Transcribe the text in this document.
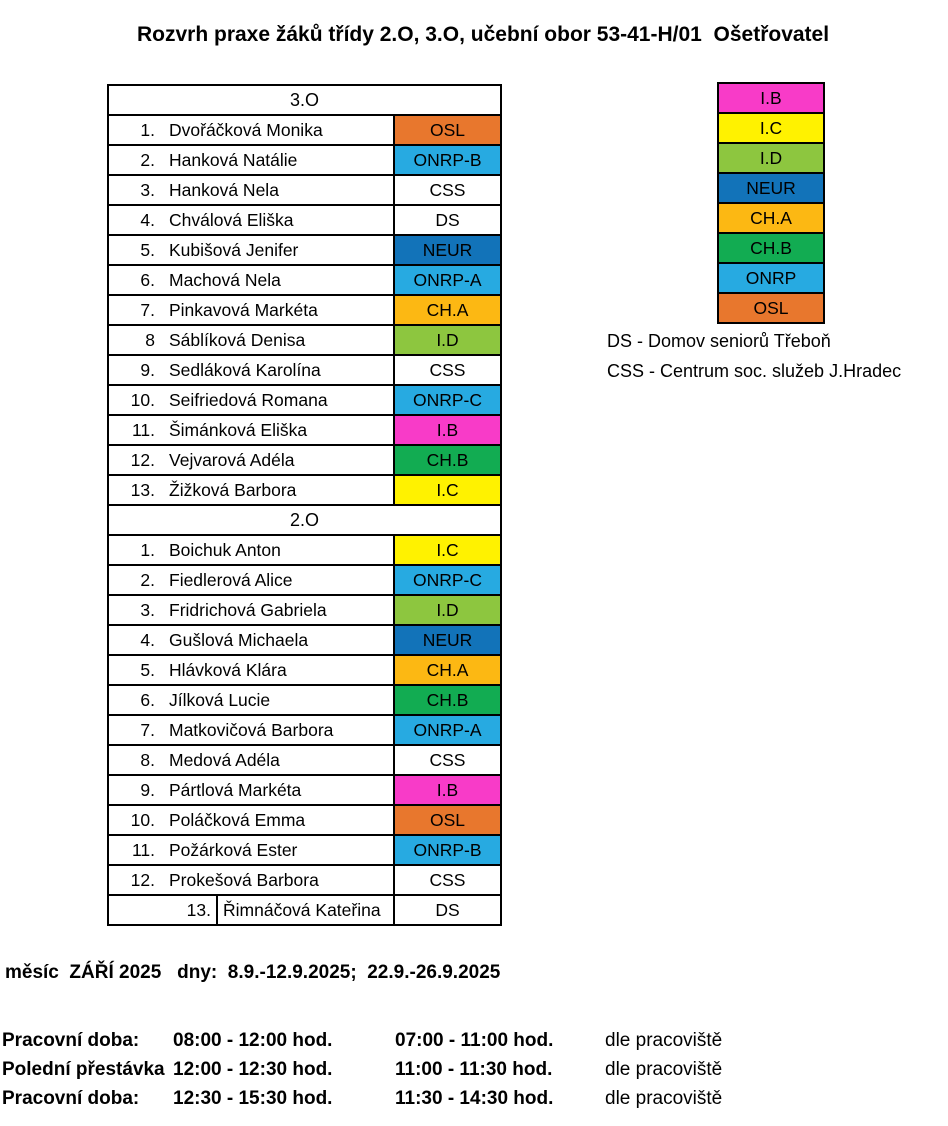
Rozvrh praxe žáků třídy 2.O, 3.O, učební obor 53-41-H/01  Ošetřovatel
3.O
1. Dvořáčková Monika	OSL
2. Hanková Natálie	ONRP-B
3. Hanková Nela	CSS
4. Chválová Eliška	DS
5. Kubišová Jenifer	NEUR
6. Machová Nela	ONRP-A
7. Pinkavová Markéta	CH.A
8 Sáblíková Denisa	I.D
9. Sedláková Karolína	CSS
10. Seifriedová Romana	ONRP-C
11. Šimánková Eliška	I.B
12. Vejvarová Adéla	CH.B
13. Žižková Barbora	I.C
2.O
1. Boichuk Anton	I.C
2. Fiedlerová Alice	ONRP-C
3. Fridrichová Gabriela	I.D
4. Gušlová Michaela	NEUR
5. Hlávková Klára	CH.A
6. Jílková Lucie	CH.B
7. Matkovičová Barbora	ONRP-A
8. Medová Adéla	CSS
9. Pártlová Markéta	I.B
10. Poláčková Emma	OSL
11. Požárková Ester	ONRP-B
12. Prokešová Barbora	CSS
13. Řimnáčová Kateřina	DS
I.B
I.C
I.D
NEUR
CH.A
CH.B
ONRP
OSL
DS - Domov seniorů Třeboň
CSS - Centrum soc. služeb J.Hradec
měsíc  ZÁŘÍ 2025   dny:  8.9.-12.9.2025;  22.9.-26.9.2025
Pracovní doba:	08:00 - 12:00 hod.	07:00 - 11:00 hod.	dle pracoviště
Polední přestávka 12:00 - 12:30 hod.	11:00 - 11:30 hod.	dle pracoviště
Pracovní doba:	12:30 - 15:30 hod.	11:30 - 14:30 hod.	dle pracoviště
